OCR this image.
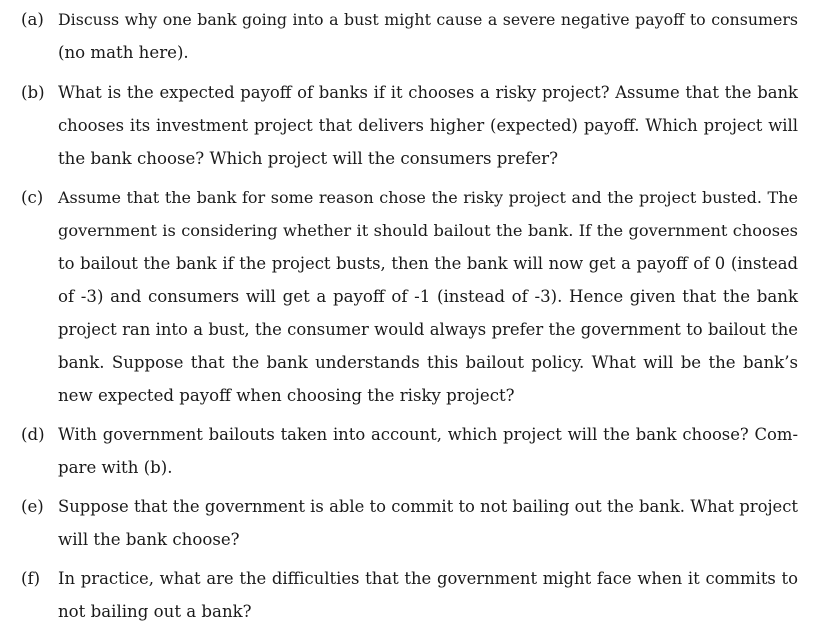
(a) Discuss why one bank going into a bust might cause a severe negative payoff to consumers
(no math here).
(b) What is the expected payoff of banks if it chooses a risky project? Assume that the bank
chooses its investment project that delivers higher (expected) payoff. Which project will
the bank choose? Which project will the consumers prefer?
(c) Assume that the bank for some reason chose the risky project and the project busted. The
government is considering whether it should bailout the bank. If the government chooses
to bailout the bank if the project busts, then the bank will now get a payoff of 0 (instead
of -3) and consumers will get a payoff of -1 (instead of -3). Hence given that the bank
project ran into a bust, the consumer would always prefer the government to bailout the
bank. Suppose that the bank understands this bailout policy. What will be the bank’s
new expected payoff when choosing the risky project?
(d) With government bailouts taken into account, which project will the bank choose? Com-
pare with (b).
(e) Suppose that the government is able to commit to not bailing out the bank. What project
will the bank choose?
(f) In practice, what are the difficulties that the government might face when it commits to
not bailing out a bank?
